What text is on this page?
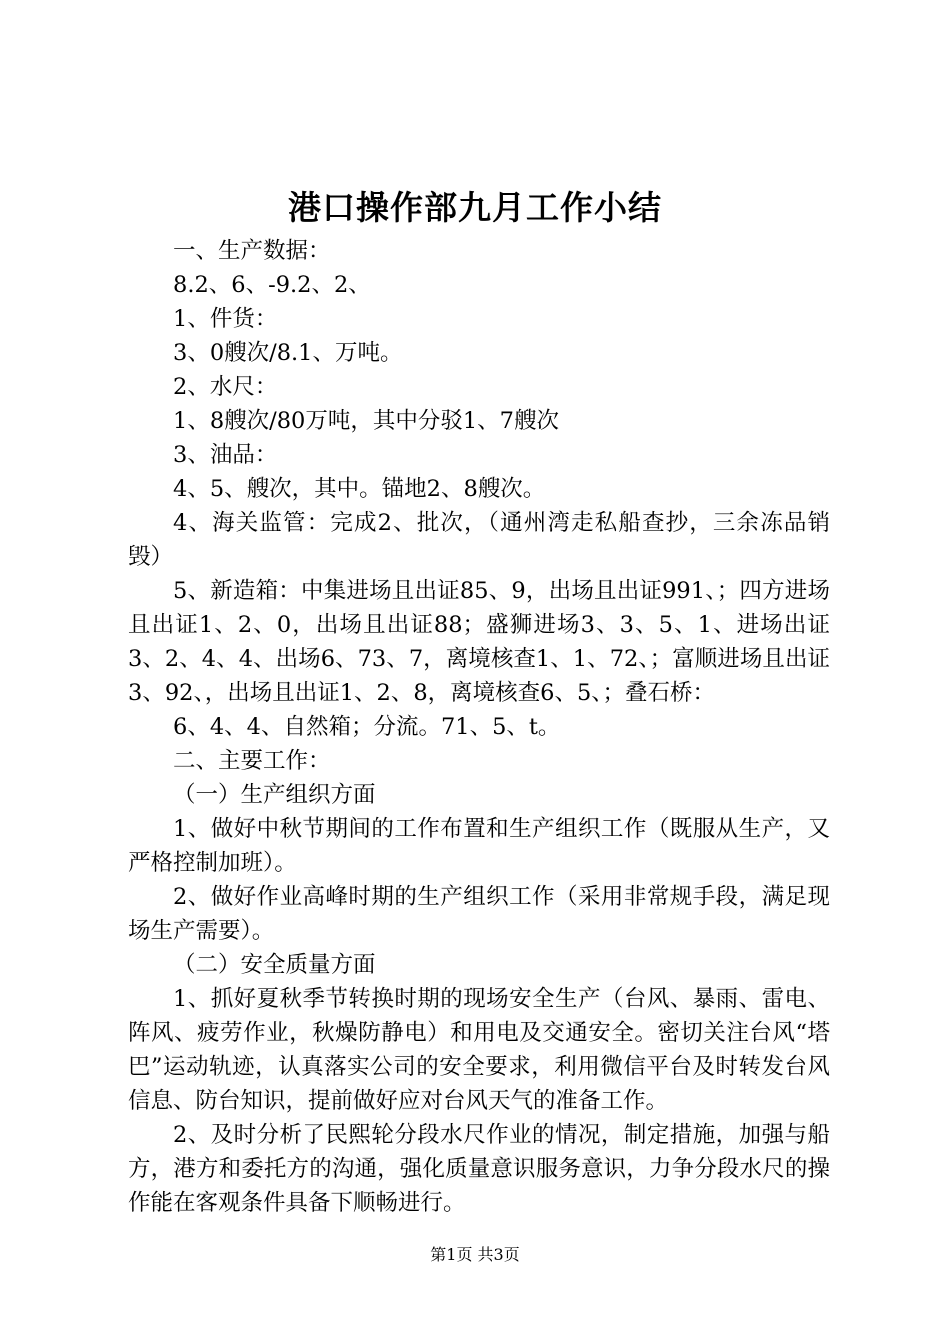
港口操作部九月工作小结

一、生产数据：

8.2、6、-9.2、2、

1、件货：

3、0艘次/8.1、万吨。

2、水尺：

1、8艘次/80万吨，其中分驳1、7艘次

3、油品：

4、5、艘次，其中。锚地2、8艘次。

4、海关监管：完成2、批次，（通州湾走私船查抄，三余冻品销毁）

5、新造箱：中集进场且出证85、9，出场且出证991、；四方进场且出证1、2、0，出场且出证88；盛狮进场3、3、5、1、进场出证3、2、4、4、出场6、73、7，离境核查1、1、72、；富顺进场且出证3、92、，出场且出证1、2、8，离境核查6、5、；叠石桥：

6、4、4、自然箱；分流。71、5、t。

二、主要工作：

（一）生产组织方面

1、做好中秋节期间的工作布置和生产组织工作（既服从生产，又严格控制加班）。

2、做好作业高峰时期的生产组织工作（采用非常规手段，满足现场生产需要）。

（二）安全质量方面

1、抓好夏秋季节转换时期的现场安全生产（台风、暴雨、雷电、阵风、疲劳作业，秋燥防静电）和用电及交通安全。密切关注台风“塔巴”运动轨迹，认真落实公司的安全要求，利用微信平台及时转发台风信息、防台知识，提前做好应对台风天气的准备工作。

2、及时分析了民熙轮分段水尺作业的情况，制定措施，加强与船方，港方和委托方的沟通，强化质量意识服务意识，力争分段水尺的操作能在客观条件具备下顺畅进行。

第1页 共3页
